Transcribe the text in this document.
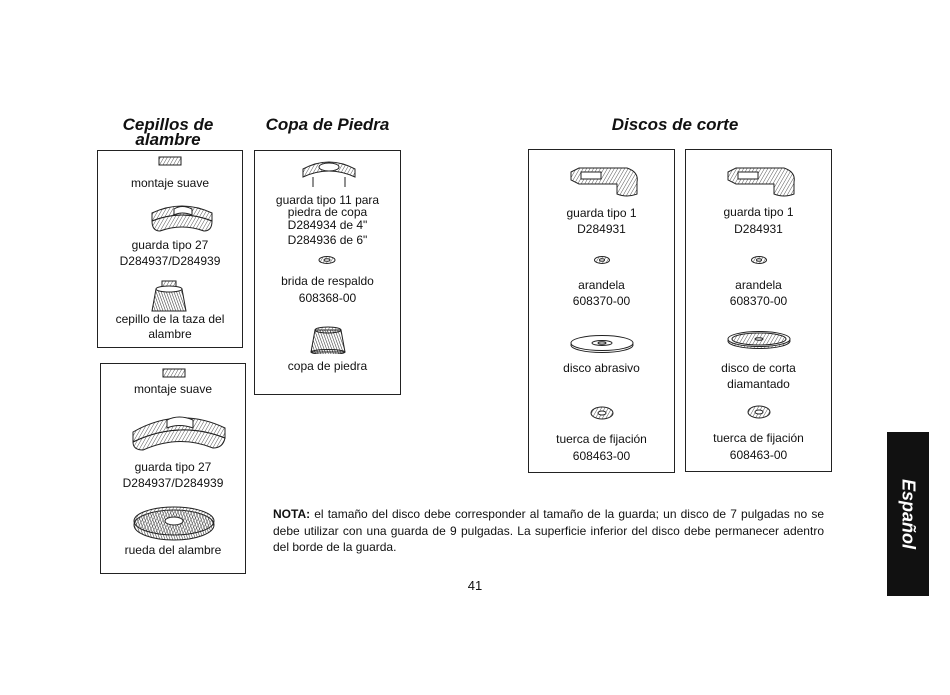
Cepillos de
alambre
Copa de Piedra	Discos de corte
montaje suave
guarda tipo 27
D284937/D284939
cepillo de la taza del
alambre
montaje suave
guarda tipo 27
D284937/D284939
rueda del alambre
guarda tipo 11 para
piedra de copa
D284934 de 4"
D284936 de 6"
brida de respaldo
608368-00
copa de piedra
guarda tipo 1
D284931
arandela
608370-00
disco abrasivo
tuerca de fijación
608463-00
guarda tipo 1
D284931
arandela
608370-00
disco de corta
diamantado
tuerca de fijación
608463-00
NOTA: el tamaño del disco debe corresponder al tamaño de la guarda; un disco de 7 pulgadas no se debe utilizar con una guarda de 9 pulgadas. La superficie inferior del disco debe permanecer adentro del borde de la guarda.
41
Español
